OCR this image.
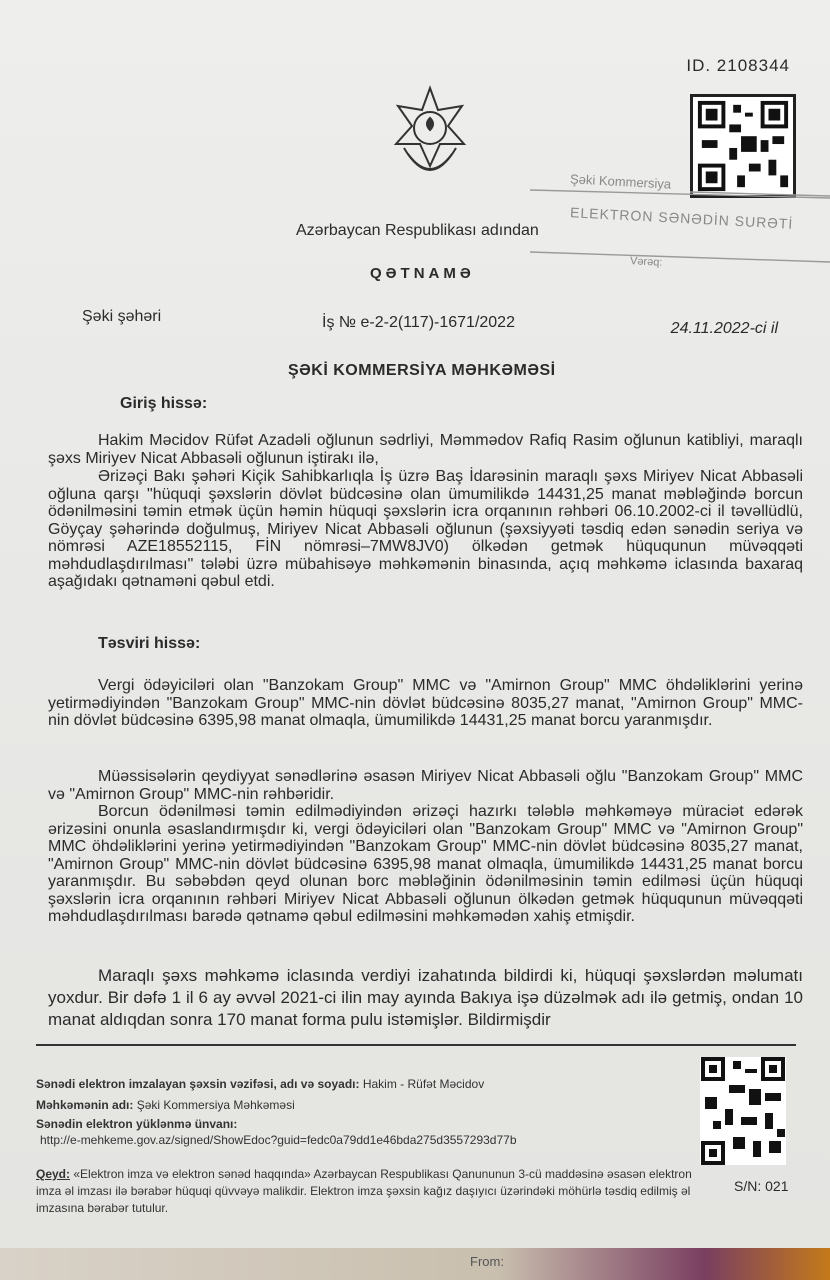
ID. 2108344
Şəki Kommersiya
ELEKTRON SƏNƏDİN SURƏTİ
Vərəq:
Azərbaycan Respublikası adından
QƏTNAMƏ
Şəki şəhəri	İş № e-2-2(117)-1671/2022	24.11.2022-ci il
ŞƏKİ KOMMERSİYA MƏHKƏMƏSİ
Giriş hissə:
Hakim Məcidov Rüfət Azadəli oğlunun sədrliyi, Məmmədov Rafiq Rasim oğlunun katibliyi, maraqlı şəxs Miriyev Nicat Abbasəli oğlunun iştirakı ilə,
Ərizəçi Bakı şəhəri Kiçik Sahibkarlıqla İş üzrə Baş İdarəsinin maraqlı şəxs Miriyev Nicat Abbasəli oğluna qarşı "hüquqi şəxslərin dövlət büdcəsinə olan ümumilikdə 14431,25 manat məbləğində borcun ödənilməsini təmin etmək üçün həmin hüquqi şəxslərin icra orqanının rəhbəri 06.10.2002-ci il təvəllüdlü, Göyçay şəhərində doğulmuş, Miriyev Nicat Abbasəli oğlunun (şəxsiyyəti təsdiq edən sənədin seriya və nömrəsi AZE18552115, FİN nömrəsi–7MW8JV0) ölkədən getmək hüququnun müvəqqəti məhdudlaşdırılması" tələbi üzrə mübahisəyə məhkəmənin binasında, açıq məhkəmə iclasında baxaraq aşağıdakı qətnaməni qəbul etdi.
Təsviri hissə:
Vergi ödəyiciləri olan "Banzokam Group" MMC və "Amirnon Group" MMC öhdəliklərini yerinə yetirmədiyindən "Banzokam Group" MMC-nin dövlət büdcəsinə 8035,27 manat, "Amirnon Group" MMC-nin dövlət büdcəsinə 6395,98 manat olmaqla, ümumilikdə 14431,25 manat borcu yaranmışdır.
Müəssisələrin qeydiyyat sənədlərinə əsasən Miriyev Nicat Abbasəli oğlu "Banzokam Group" MMC və "Amirnon Group" MMC-nin rəhbəridir.
Borcun ödənilməsi təmin edilmədiyindən ərizəçi hazırkı tələblə məhkəməyə müraciət edərək ərizəsini onunla əsaslandırmışdır ki, vergi ödəyiciləri olan "Banzokam Group" MMC və "Amirnon Group" MMC öhdəliklərini yerinə yetirmədiyindən "Banzokam Group" MMC-nin dövlət büdcəsinə 8035,27 manat, "Amirnon Group" MMC-nin dövlət büdcəsinə 6395,98 manat olmaqla, ümumilikdə 14431,25 manat borcu yaranmışdır. Bu səbəbdən qeyd olunan borc məbləğinin ödənilməsinin təmin edilməsi üçün hüquqi şəxslərin icra orqanının rəhbəri Miriyev Nicat Abbasəli oğlunun ölkədən getmək hüququnun müvəqqəti məhdudlaşdırılması barədə qətnamə qəbul edilməsini məhkəmədən xahiş etmişdir.
Maraqlı şəxs məhkəmə iclasında verdiyi izahatında bildirdi ki, hüquqi şəxslərdən məlumatı yoxdur. Bir dəfə 1 il 6 ay əvvəl 2021-ci ilin may ayında Bakıya işə düzəlmək adı ilə getmiş, ondan 10 manat aldıqdan sonra 170 manat forma pulu istəmişlər. Bildirmişdir
Sənədi elektron imzalayan şəxsin vəzifəsi, adı və soyadı: Hakim - Rüfət Məcidov
Məhkəmənin adı: Şəki Kommersiya Məhkəməsi
Sənədin elektron yüklənmə ünvanı:
http://e-mehkeme.gov.az/signed/ShowEdoc?guid=fedc0a79dd1e46bda275d3557293d77b
Qeyd: «Elektron imza və elektron sənəd haqqında» Azərbaycan Respublikası Qanununun 3-cü maddəsinə əsasən elektron imza əl imzası ilə bərabər hüquqi qüvvəyə malikdir. Elektron imza şəxsin kağız daşıyıcı üzərindəki möhürlə təsdiq edilmiş əl imzasına bərabər tutulur.
S/N: 021
From:
